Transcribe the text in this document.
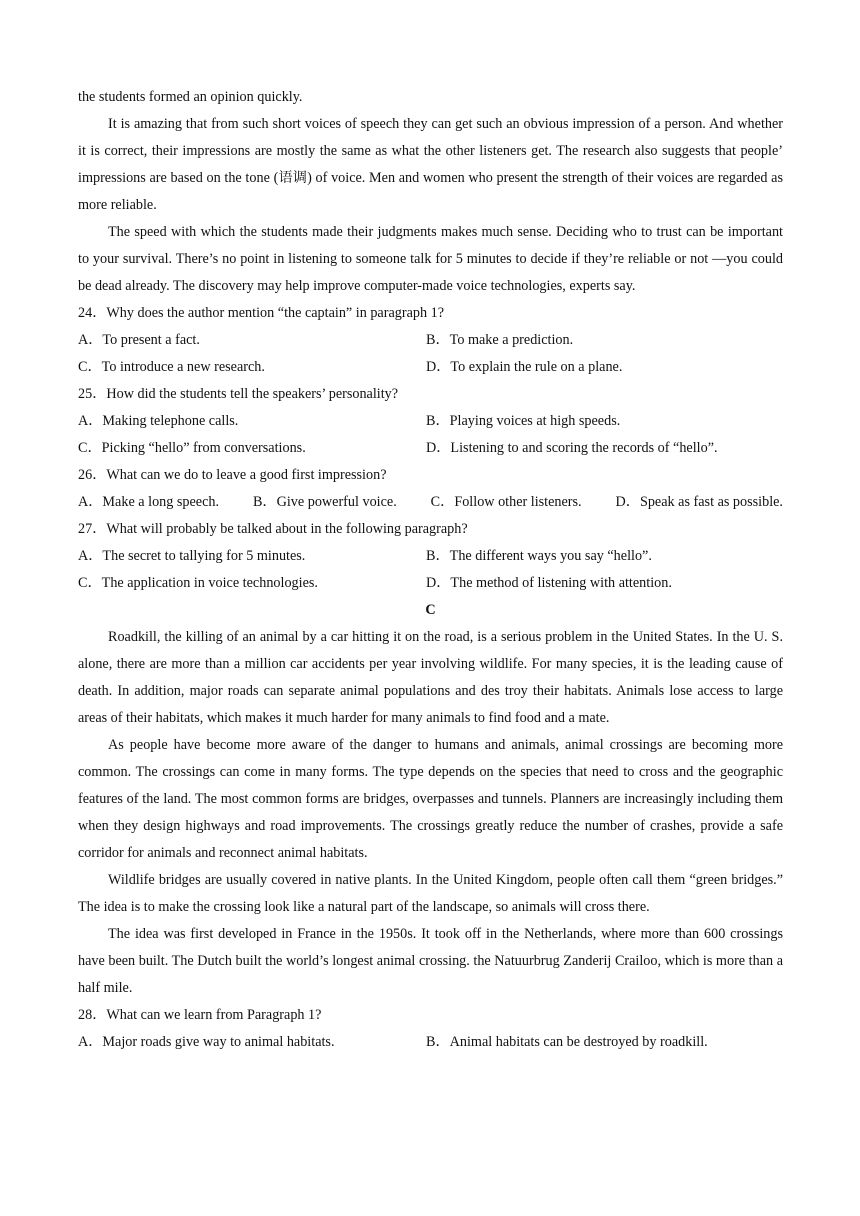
the students formed an opinion quickly.

It is amazing that from such short voices of speech they can get such an obvious impression of a person. And whether it is correct, their impressions are mostly the same as what the other listeners get. The research also suggests that people’ impressions are based on the tone (语调) of voice. Men and women who present the strength of their voices are regarded as more reliable.

The speed with which the students made their judgments makes much sense. Deciding who to trust can be important to your survival. There’s no point in listening to someone talk for 5 minutes to decide if they’re reliable or not —you could be dead already. The discovery may help improve computer-made voice technologies, experts say.

24．Why does the author mention “the captain” in paragraph 1?

A．To present a fact.	B．To make a prediction.
C．To introduce a new research.	D．To explain the rule on a plane.

25．How did the students tell the speakers’ personality?

A．Making telephone calls.	B．Playing voices at high speeds.
C．Picking “hello” from conversations.	D．Listening to and scoring the records of “hello”.

26．What can we do to leave a good first impression?

A．Make a long speech. B．Give powerful voice. C．Follow other listeners. D．Speak as fast as possible.

27．What will probably be talked about in the following paragraph?

A．The secret to tallying for 5 minutes.	B．The different ways you say “hello”.
C．The application in voice technologies.	D．The method of listening with attention.

C

Roadkill, the killing of an animal by a car hitting it on the road, is a serious problem in the United States. In the U. S. alone, there are more than a million car accidents per year involving wildlife. For many species, it is the leading cause of death. In addition, major roads can separate animal populations and des troy their habitats. Animals lose access to large areas of their habitats, which makes it much harder for many animals to find food and a mate.

As people have become more aware of the danger to humans and animals, animal crossings are becoming more common. The crossings can come in many forms. The type depends on the species that need to cross and the geographic features of the land. The most common forms are bridges, overpasses and tunnels. Planners are increasingly including them when they design highways and road improvements. The crossings greatly reduce the number of crashes, provide a safe corridor for animals and reconnect animal habitats.

Wildlife bridges are usually covered in native plants. In the United Kingdom, people often call them “green bridges.” The idea is to make the crossing look like a natural part of the landscape, so animals will cross there.

The idea was first developed in France in the 1950s. It took off in the Netherlands, where more than 600 crossings have been built. The Dutch built the world’s longest animal crossing. the Natuurbrug Zanderij Crailoo, which is more than a half mile.

28．What can we learn from Paragraph 1?

A．Major roads give way to animal habitats.	B．Animal habitats can be destroyed by roadkill.
